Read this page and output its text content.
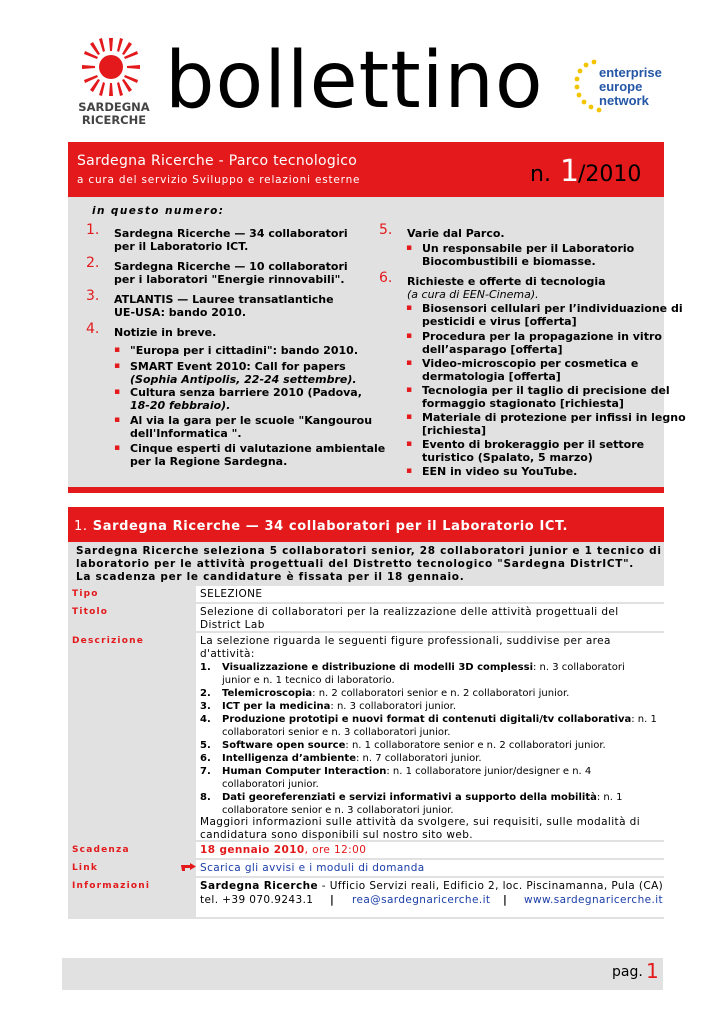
SARDEGNA
RICERCHE bollettino	enterprise
europe
network
Sardegna Ricerche - Parco tecnologico
a cura del servizio Sviluppo e relazioni esterne	n. 1
/2010
in questo numero:
1. Sardegna Ricerche — 34 collaboratori
per il Laboratorio ICT.
2. Sardegna Ricerche — 10 collaboratori
per i laboratori "Energie rinnovabili".
3. ATLANTIS — Lauree transatlantiche
UE-USA: bando 2010.
4. Notizie in breve.
▪ "Europa per i cittadini": bando 2010.
▪ SMART Event 2010: Call for papers
(Sophia Antipolis, 22-24 settembre).
▪ Cultura senza barriere 2010 (Padova,
18-20 febbraio).
▪ Al via la gara per le scuole "Kangourou
dell'Informatica ".
▪ Cinque esperti di valutazione ambientale
per la Regione Sardegna.
5. Varie dal Parco.
▪ Un responsabile per il Laboratorio
Biocombustibili e biomasse.
6. Richieste e offerte di tecnologia
(a cura di EEN-Cinema).
▪ Biosensori cellulari per l’individuazione di
pesticidi e virus [offerta]
▪ Procedura per la propagazione in vitro
dell’asparago [offerta]
▪ Video-microscopio per cosmetica e
dermatologia [offerta]
▪ Tecnologia per il taglio di precisione del
formaggio stagionato [richiesta]
▪ Materiale di protezione per infissi in legno
[richiesta]
▪ Evento di brokeraggio per il settore
turistico (Spalato, 5 marzo)
▪ EEN in video su YouTube.
1. Sardegna Ricerche — 34 collaboratori per il Laboratorio ICT.
Sardegna Ricerche seleziona 5 collaboratori senior, 28 collaboratori junior e 1 tecnico di
laboratorio per le attività progettuali del Distretto tecnologico "Sardegna DistrICT".
La scadenza per le candidature è fissata per il 18 gennaio.
Tipo
Titolo
Descrizione
Scadenza
Link
Informazioni
SELEZIONE
Selezione di collaboratori per la realizzazione delle attività progettuali del
District Lab
La selezione riguarda le seguenti figure professionali, suddivise per area
d'attività:
1. Visualizzazione e distribuzione di modelli 3D complessi: n. 3 collaboratori
junior e n. 1 tecnico di laboratorio.
2. Telemicroscopia: n. 2 collaboratori senior e n. 2 collaboratori junior.
3. ICT per la medicina: n. 3 collaboratori junior.
4. Produzione prototipi e nuovi format di contenuti digitali/tv collaborativa: n. 1
collaboratori senior e n. 3 collaboratori junior.
5. Software open source: n. 1 collaboratore senior e n. 2 collaboratori junior.
6. Intelligenza d’ambiente: n. 7 collaboratori junior.
7. Human Computer Interaction: n. 1 collaboratore junior/designer e n. 4
collaboratori junior.
8. Dati georeferenziati e servizi informativi a supporto della mobilità: n. 1
collaboratore senior e n. 3 collaboratori junior.
Maggiori informazioni sulle attività da svolgere, sui requisiti, sulle modalità di
candidatura sono disponibili sul nostro sito web.
18 gennaio 2010, ore 12:00
Scarica gli avvisi e i moduli di domanda
Sardegna Ricerche - Ufficio Servizi reali, Edificio 2, loc. Piscinamanna, Pula (CA)
tel. +39 070.9243.1 | rea@sardegnaricerche.it | www.sardegnaricerche.it
pag. 1
